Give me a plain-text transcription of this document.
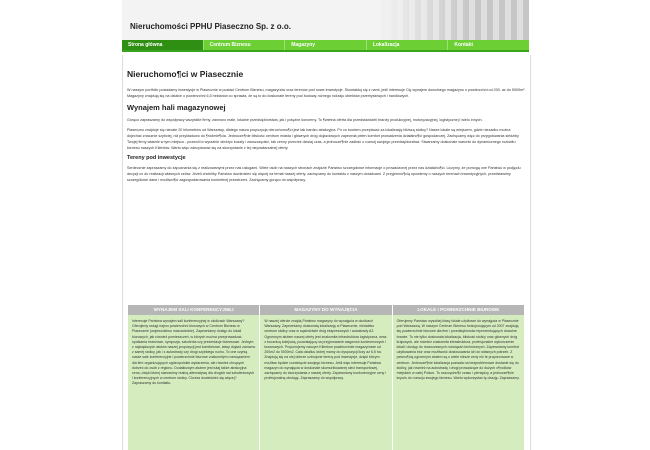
Nieruchomości PPHU Piaseczno Sp. z o.o.
Strona główna	Centrum Biznesu	Magazyny	Lokalizacja	Kontakt
Nieruchomo¶ci w Piasecznie

W naszym portfolio posiadamy inwestycje w Piasecznie w postaci Centrum Biznesu, magazynów oraz terenów pod nowe inwestycje. Skontaktuj się z nami, jeśli interesuje Cię wynajem dowolnego magazynu o powierzchni od 200, az do 5000m². Magazyny znajdują się na działce o powierzchni 6,5 hektarów co sprawia, że są to do doskonale tereny pod budowę różnego rodzaju obiektów przemysłowych i handlowych.

Wynajem hali magazynowej

Gorąco zapraszamy do współpracy wszystkie firmy, zarówno małe, lokalne przedsiębiorstwa, jak i potężne koncerny. To ¶wietna oferta dla przedstawicieli branży produkcyjnej, motoryzacyjnej, logistycznej i wielu innych.

Piaseczno znajduje się niecałe 20 kilometrów od Warszawy, dlatego nasza propozycja nieruchomo¶ci jest tak bardzo atrakcyjna. Po co bowiem przeplacać za lokalizację bliższą stolicy? Nasze lokale są miejscem, gdzie niezadko można dojechać znacznie szybciej, niż przykładowo do ¶ródmie¶cia. Jednocze¶nie bliskość centrum miasta i głównych dróg dojazdowych zapewnia pełen komfort prowadzenia działalno¶ci gospodarczej. Zachęcamy więc do przygotowania siedziby Twojej firmy właśnie w tym miejscu - pozwoli to wyraźnie obniżyć koszty i zaoszczędzić, tak cenny przecież dzisiaj czas, a jednocze¶nie zadbać o rozwój swojego przedsiębiorstwa. Stwarzamy doskonale warunki do dynamicznego rozkwitu biznesu naszych Klientów. Warto więc zdecydować się na skorzystanie z tej niepowtarzalnej oferty.

Tereny pod inwestycje

Serdecznie zapraszamy do zapoznania się z realizowanymi przez nas usługami. Wiele osób na naszych stronach znajdzie Państwo szczegółowe informacje o prowadzonej przez nas działalno¶ci. Liczymy, że pomogą one Państwu w podjęciu decyzji co do realizacji własnych celów. Jeżeli chcieliby Państwo dowiedzieć się więcej na temat naszej oferty, zachęcamy do kontaktu z naszym doradcami. Z przyjemno¶cią opowiemy o naszych terenach inwestycyjnych, przedstawimy szczegółowe dane i możliwo¶ci zagospodarowania konkretnej przestrzeni. Zachęcamy gorąco do współpracy.

WYNAJEM SALI KONFERENCYJNEJ

Interesuje Państwa wynajem sali konferencyjnej w okolicach Warszawy? Oferujemy usługi najmu powierzchni biurowych w Centrum Biznesu w Piasecznie (województwo mazowieckie). Zapewniamy dostęp do lokali biurowych, jak również pomieszczeń, w których można przeprowadzać spotkania branżowe, sympozja, szkolenia czy prezentacje biznesowe. Jednym z największych atutów naszej propozycji jest komfortowe, łatwy dojazd zarówno z samej stolicy, jak i z autostrady czy drogi szybkiego ruchu. To one czynią nasze sale konferencyjne i powierzchnie biurowe znakomitym rozwiązaniem dla firm organizujących ogólnopolskie wydarzenia, ale również chcących dotrzeć do osób z regionu. Dodatkowym atutem jest tutaj także atrakcyjna cena, dzięki której stanowimy realną alternatywę dla drogich sal szkoleniowych i konferencyjnych w centrum stolicy. Chcesz dowiedzieć się więcej? Zapraszamy do kontaktu.

MAGAZYNY DO WYNAJĘCIA

W naszej ofercie znajdą Państwo magazyny do wynajęcia w okolicach Warszawy. Zapewniamy doskonałą lokalizację w Piasecznie, niedaleko centrum stolicy oraz w sąsiedztwie dróg ekspresowych i autostrady A2. Ogromnym atutem naszej oferty jest znakomita infrastruktura logistyczna, wraz z bocznicą kolejową, pozwalającą na przyjmowanie wagonów kontenerowych i towarowych. Proponujemy naszym Klientom powierzchnie magazynowe od 200m2 do 5000m2. Cała działka, której mamy do dyspozycji liczy aż 6,5 ha. Znajdują się na niej dobrze uzbrojone tereny pod inwestycje, dzięki którym możliwe będzie rozwinięcie swojego biznesu. Jeśli więc interesuje Państwa magazyn do wynajęcia w doskonale skomunikowanej sieci transportowej, zachęcamy do skorzystania z naszej oferty. Zapewniamy konkurencyjne ceny i profesjonalną obsługę. Zapraszamy do współpracy.

LOKALE I POWIERZCHNIE BIUROWE

Oferujemy Państwu wysokiej klasy lokale użytkowe do wynajęcia w Piasecznie pod Warszawą. W naszym Centrum Biznesu funkcjonującym od 2007 znajdują się powierzchnie biurowe dla firm i przedsiębiorstw reprezentujących dowolne branże. To nie tylko doskonała lokalizacja, bliskość stolicy oraz głównych dróg krajowych, ale również znakomita infrastruktura, profesjonalne wykończenie lokali i dostęp do nowoczesnych rozwiązań technicznych. Zapewniamy komfort użytkowania biur oraz możliwość dostosowania ich do własnych potrzeb. Z pewno¶cią ogromnym atutem są o wiele niższe ceny niż te proponowane w centrum. Jednocze¶nie lokalizacja pozwala na bezproblemowe dostanie się do stolicy, jak również na autostradę i drogi prowadzące do dużych o¶rodków miejskich w całej Polsce. To oszczędno¶ć czasu i pieniędzy, a jednocze¶nie impuls do rozwoju swojego biznesu. Warto wykorzystać tę okazję. Zapraszamy.
